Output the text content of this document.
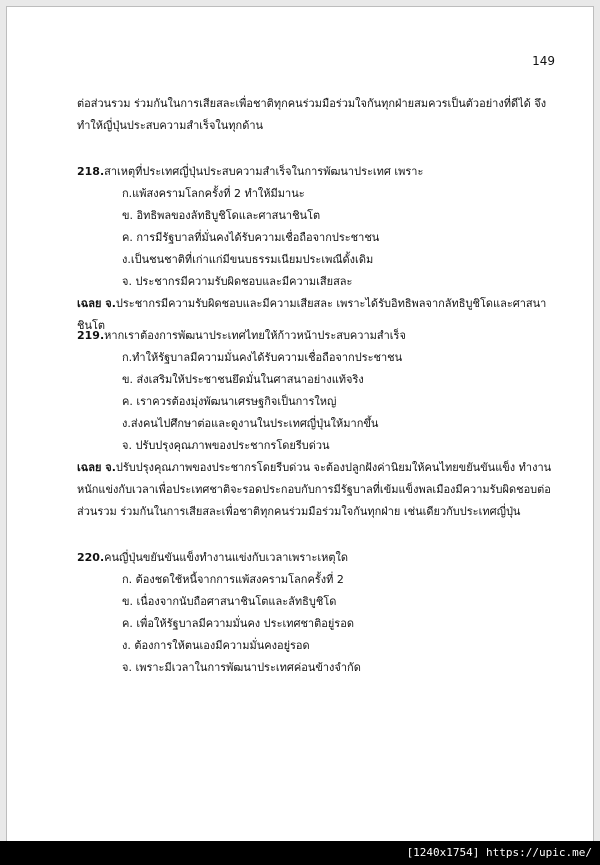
149

ต่อส่วนรวม ร่วมกันในการเสียสละเพื่อชาติทุกคนร่วมมือร่วมใจกันทุกฝ่ายสมควรเป็นตัวอย่างที่ดีได้ จึงทำให้ญี่ปุ่นประสบความสำเร็จในทุกด้าน

218.สาเหตุที่ประเทศญี่ปุ่นประสบความสำเร็จในการพัฒนาประเทศ เพราะ

ก.แพ้สงครามโลกครั้งที่ 2 ทำให้มีมานะ
ข. อิทธิพลของลัทธิบูชิโดและศาสนาชินโต
ค. การมีรัฐบาลที่มั่นคงได้รับความเชื่อถือจากประชาชน
ง.เป็นชนชาติที่เก่าแก่มีขนบธรรมเนียมประเพณีดั้งเดิม
จ. ประชากรมีความรับผิดชอบและมีความเสียสละ

เฉลย จ.ประชากรมีความรับผิดชอบและมีความเสียสละ เพราะได้รับอิทธิพลจากลัทธิบูชิโดและศาสนาชินโต

219.หากเราต้องการพัฒนาประเทศไทยให้ก้าวหน้าประสบความสำเร็จ

ก.ทำให้รัฐบาลมีความมั่นคงได้รับความเชื่อถือจากประชาชน
ข. ส่งเสริมให้ประชาชนยึดมั่นในศาสนาอย่างแท้จริง
ค. เราควรต้องมุ่งพัฒนาเศรษฐกิจเป็นการใหญ่
ง.ส่งคนไปศึกษาต่อและดูงานในประเทศญี่ปุ่นให้มากขึ้น
จ. ปรับปรุงคุณภาพของประชากรโดยรีบด่วน

เฉลย จ.ปรับปรุงคุณภาพของประชากรโดยรีบด่วน จะต้องปลูกฝังค่านิยมให้คนไทยขยันขันแข็ง ทำงานหนักแข่งกับเวลาเพื่อประเทศชาติจะรอดประกอบกับการมีรัฐบาลที่เข้มแข็งพลเมืองมีความรับผิดชอบต่อส่วนรวม ร่วมกันในการเสียสละเพื่อชาติทุกคนร่วมมือร่วมใจกันทุกฝ่าย เช่นเดียวกับประเทศญี่ปุ่น

220.คนญี่ปุ่นขยันขันแข็งทำงานแข่งกับเวลาเพราะเหตุใด

ก. ต้องชดใช้หนี้จากการแพ้สงครามโลกครั้งที่ 2
ข. เนื่องจากนับถือศาสนาชินโตและลัทธิบูชิโด
ค. เพื่อให้รัฐบาลมีความมั่นคง ประเทศชาติอยู่รอด
ง. ต้องการให้ตนเองมีความมั่นคงอยู่รอด
จ. เพราะมีเวลาในการพัฒนาประเทศค่อนข้างจำกัด
[1240x1754] https://upic.me/
